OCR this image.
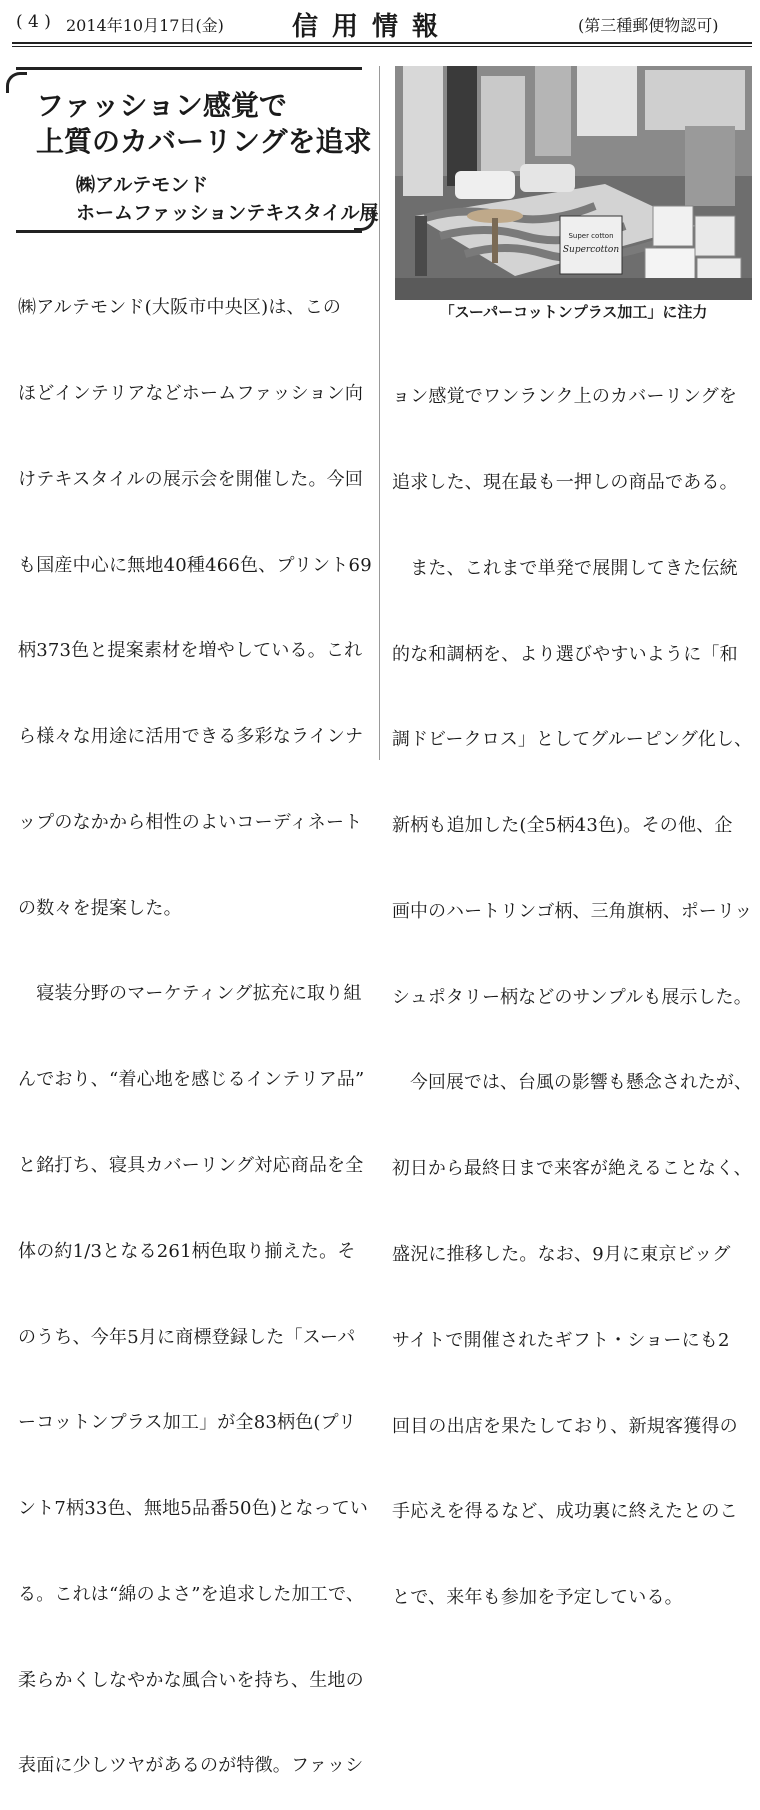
( 4 ) 2014年10月17日(金)	信用情報	(第三種郵便物認可)
ファッション感覚で
上質のカバーリングを追求
㈱アルテモンド
ホームファッションテキスタイル展

㈱アルテモンド(大阪市中央区)は、この

ほどインテリアなどホームファッション向

けテキスタイルの展示会を開催した。今回

も国産中心に無地40種466色、プリント69

柄373色と提案素材を増やしている。これ

ら様々な用途に活用できる多彩なラインナ

ップのなかから相性のよいコーディネート

の数々を提案した。

　寝装分野のマーケティング拡充に取り組

んでおり、“着心地を感じるインテリア品”

と銘打ち、寝具カバーリング対応商品を全

体の約1/3となる261柄色取り揃えた。そ

のうち、今年5月に商標登録した「スーパ

ーコットンプラス加工」が全83柄色(プリ

ント7柄33色、無地5品番50色)となってい

る。これは“綿のよさ”を追求した加工で、

柔らかくしなやかな風合いを持ち、生地の

表面に少しツヤがあるのが特徴。ファッシ

Super cotton
Supercotton
「スーパーコットンプラス加工」に注力

ョン感覚でワンランク上のカバーリングを

追求した、現在最も一押しの商品である。

　また、これまで単発で展開してきた伝統

的な和調柄を、より選びやすいように「和

調ドビークロス」としてグルーピング化し、

新柄も追加した(全5柄43色)。その他、企

画中のハートリンゴ柄、三角旗柄、ポーリッ

シュポタリー柄などのサンプルも展示した。

　今回展では、台風の影響も懸念されたが、

初日から最終日まで来客が絶えることなく、

盛況に推移した。なお、9月に東京ビッグ

サイトで開催されたギフト・ショーにも2

回目の出店を果たしており、新規客獲得の

手応えを得るなど、成功裏に終えたとのこ

とで、来年も参加を予定している。
